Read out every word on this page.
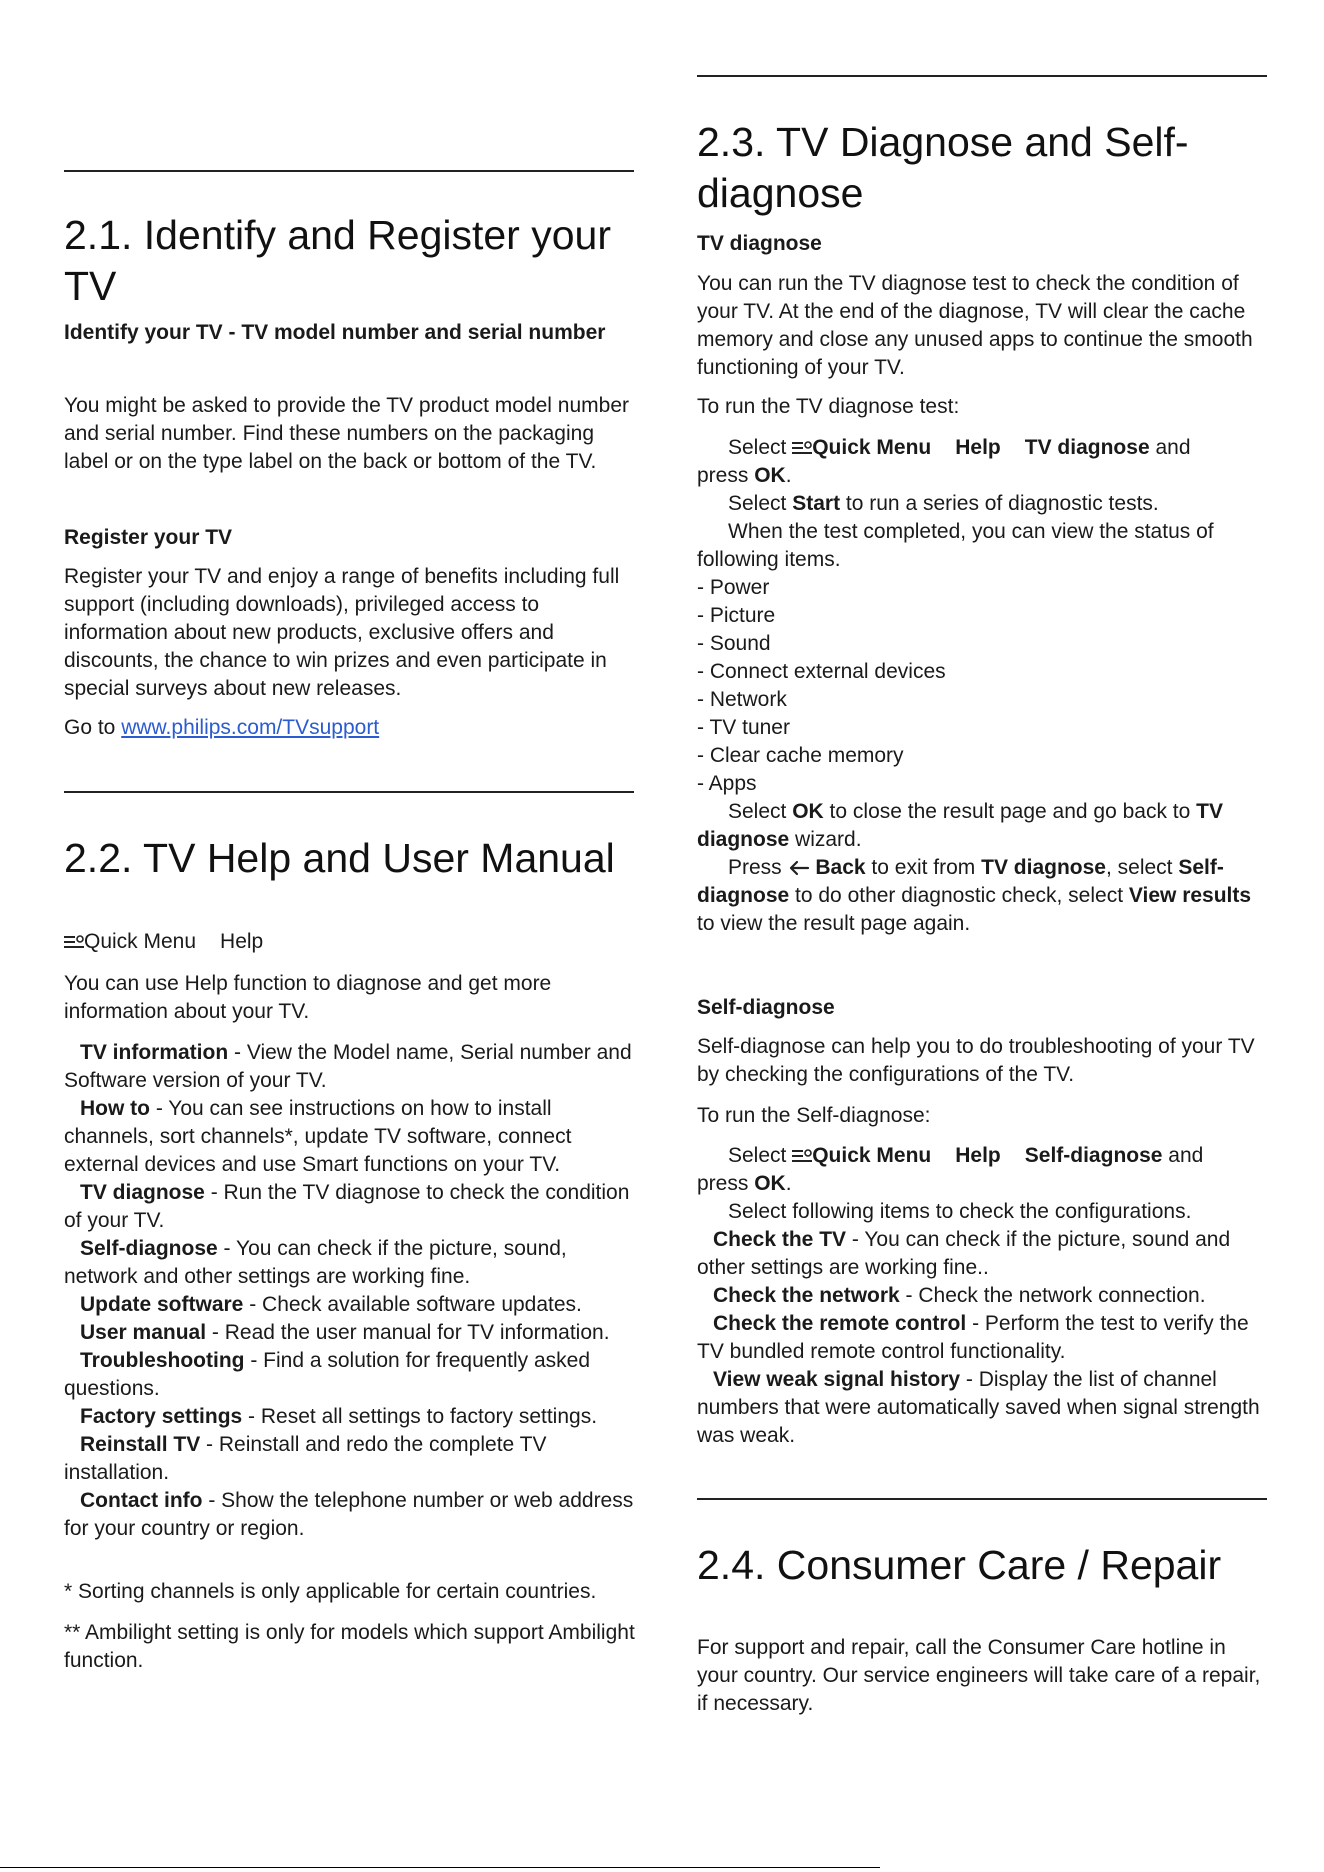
2.1. Identify and Register your TV
Identify your TV - TV model number and serial number

You might be asked to provide the TV product model number and serial number. Find these numbers on the packaging label or on the type label on the back or bottom of the TV.

Register your TV

Register your TV and enjoy a range of benefits including full support (including downloads), privileged access to information about new products, exclusive offers and discounts, the chance to win prizes and even participate in special surveys about new releases.

Go to www.philips.com/TVsupport

2.2. TV Help and User Manual

Quick Menu Help

You can use Help function to diagnose and get more information about your TV.

TV information - View the Model name, Serial number and Software version of your TV.
How to - You can see instructions on how to install channels, sort channels*, update TV software, connect external devices and use Smart functions on your TV.
TV diagnose - Run the TV diagnose to check the condition of your TV.
Self-diagnose - You can check if the picture, sound, network and other settings are working fine.
Update software - Check available software updates.
User manual - Read the user manual for TV information.
Troubleshooting - Find a solution for frequently asked questions.
Factory settings - Reset all settings to factory settings.
Reinstall TV - Reinstall and redo the complete TV installation.
Contact info - Show the telephone number or web address for your country or region.

* Sorting channels is only applicable for certain countries.

** Ambilight setting is only for models which support Ambilight function.

2.3. TV Diagnose and Self-diagnose
TV diagnose

You can run the TV diagnose test to check the condition of your TV. At the end of the diagnose, TV will clear the cache memory and close any unused apps to continue the smooth functioning of your TV.

To run the TV diagnose test:

Select Quick Menu Help TV diagnose and
press OK.
Select Start to run a series of diagnostic tests.
When the test completed, you can view the status of following items.
- Power
- Picture
- Sound
- Connect external devices
- Network
- TV tuner
- Clear cache memory
- Apps
Select OK to close the result page and go back to TV diagnose wizard.
Press Back to exit from TV diagnose, select Self-diagnose to do other diagnostic check, select View results to view the result page again.
Self-diagnose

Self-diagnose can help you to do troubleshooting of your TV by checking the configurations of the TV.

To run the Self-diagnose:

Select Quick Menu Help Self-diagnose and
press OK.
Select following items to check the configurations.
Check the TV - You can check if the picture, sound and other settings are working fine..
Check the network - Check the network connection.
Check the remote control - Perform the test to verify the TV bundled remote control functionality.
View weak signal history - Display the list of channel numbers that were automatically saved when signal strength was weak.
2.4. Consumer Care / Repair

For support and repair, call the Consumer Care hotline in your country. Our service engineers will take care of a repair, if necessary.
